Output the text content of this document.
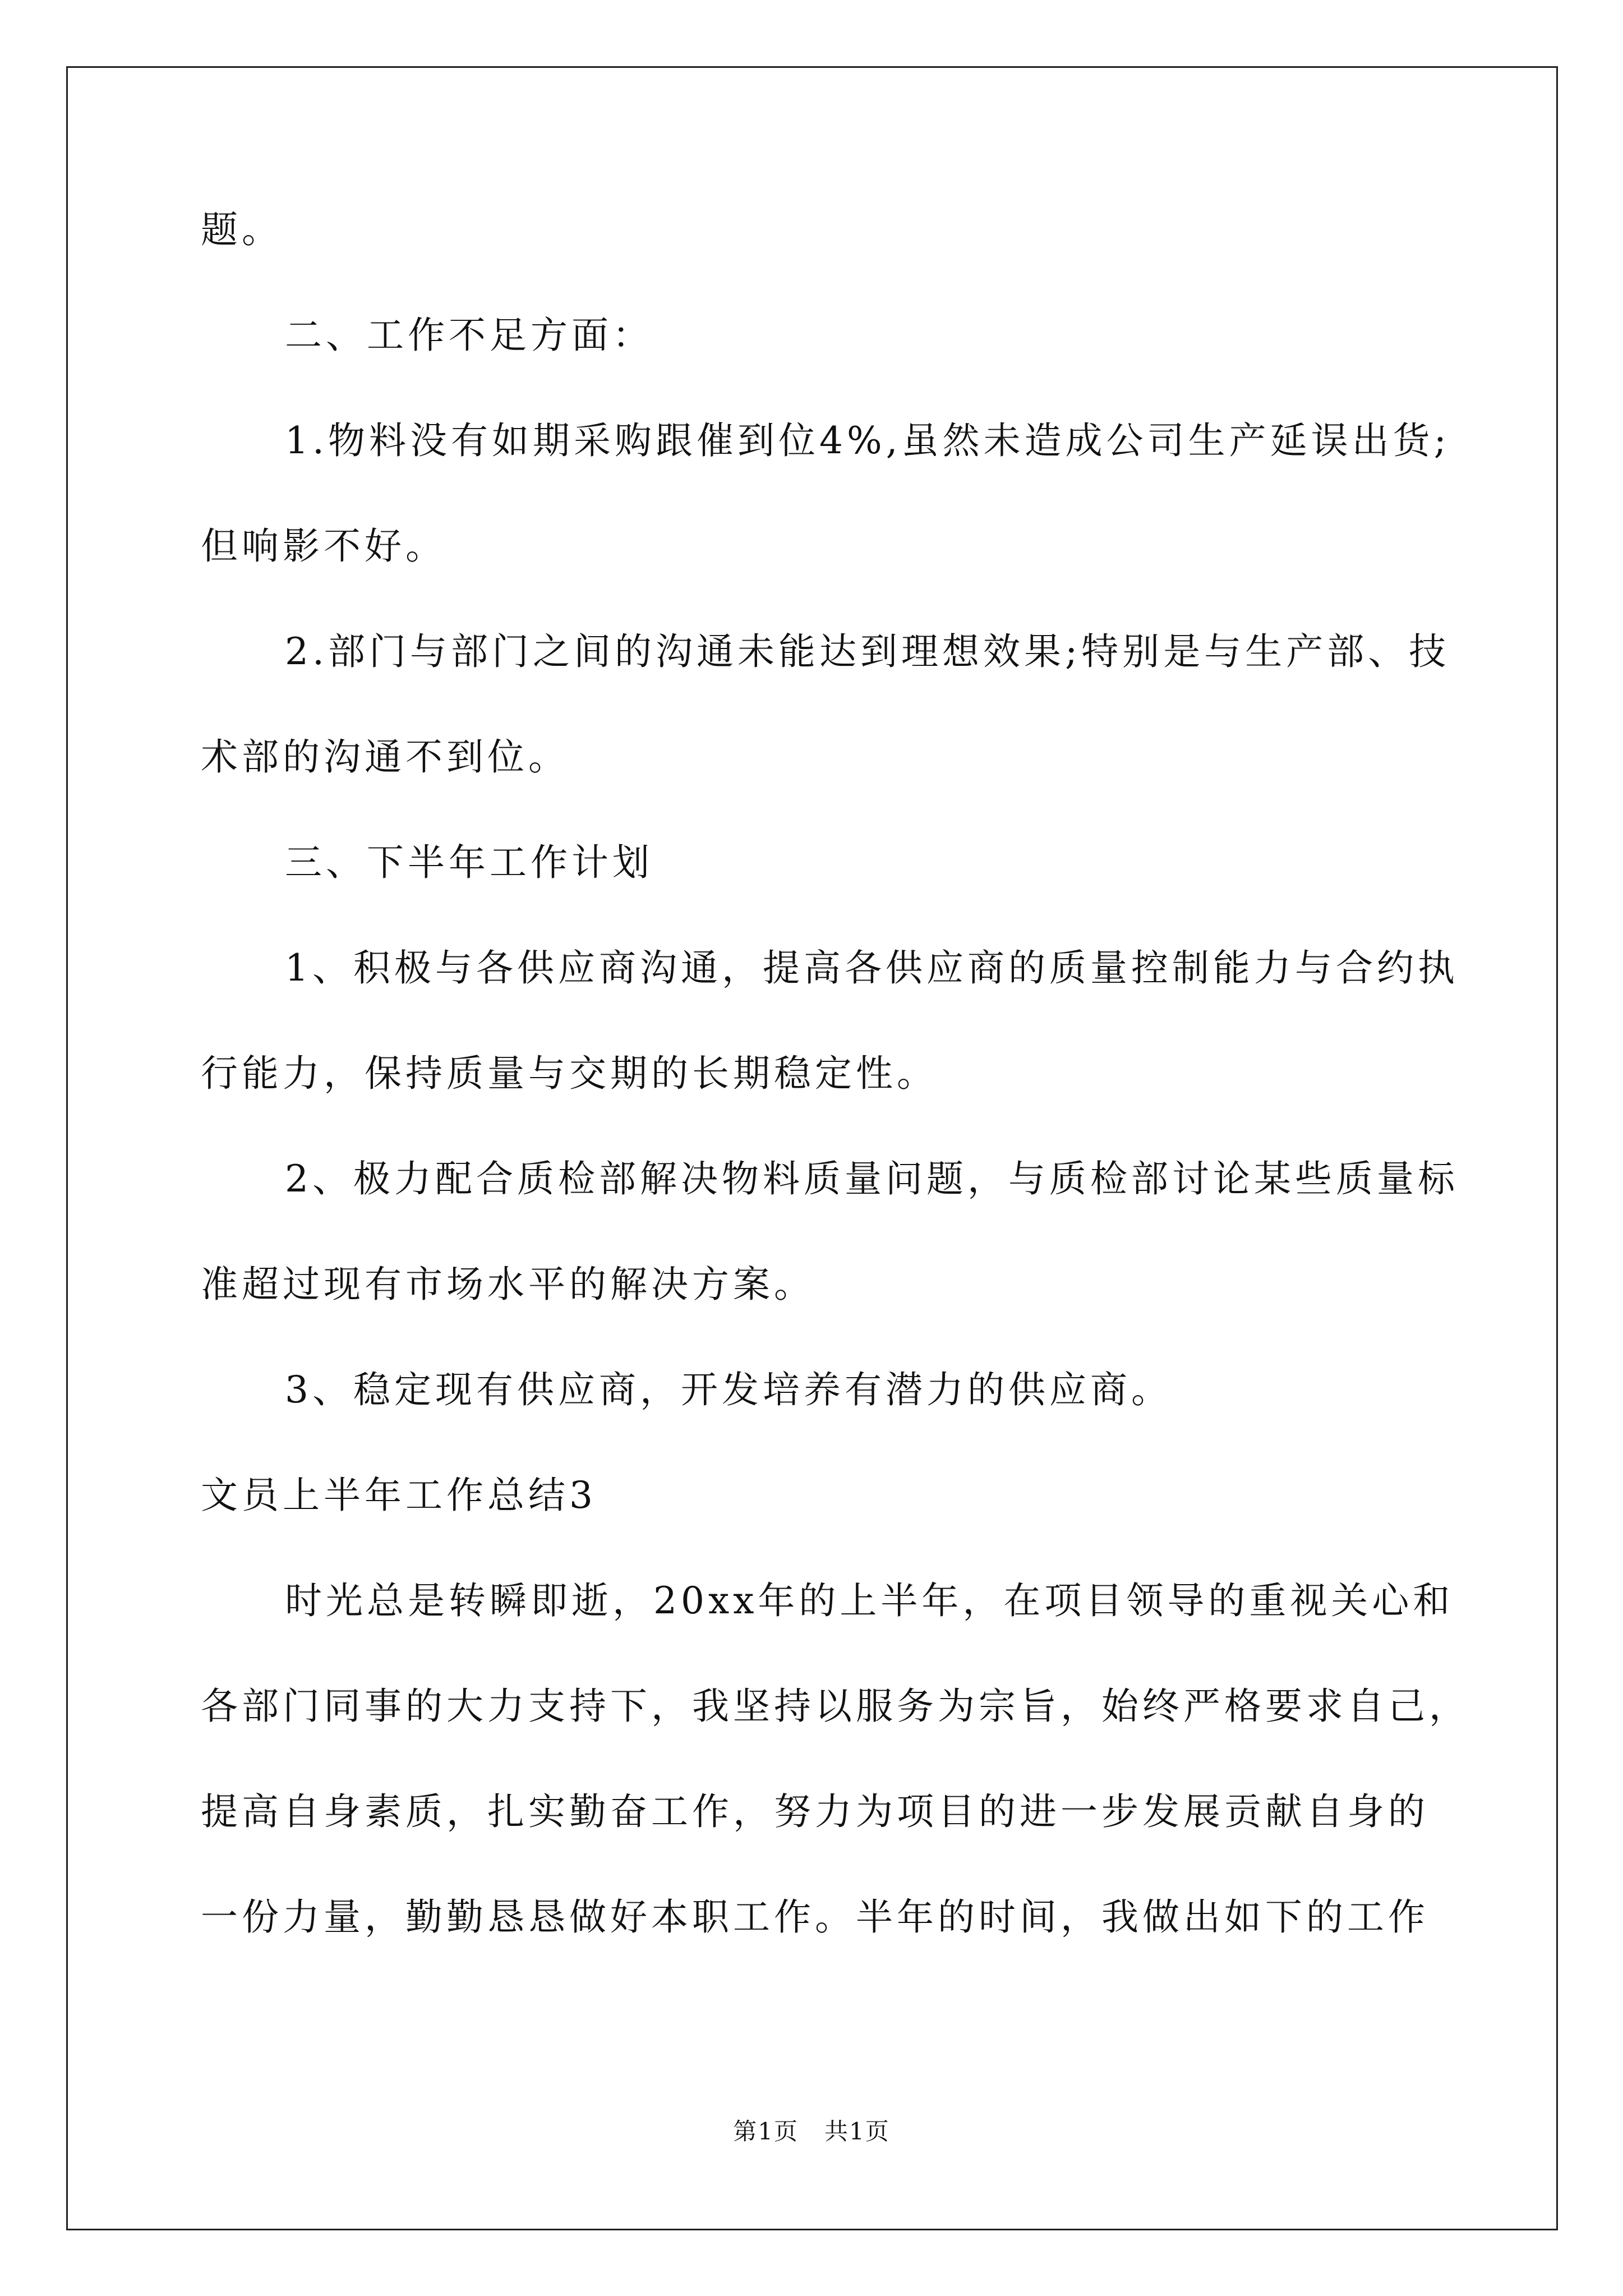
题。
二、工作不足方面：
1.物料没有如期采购跟催到位4%,虽然未造成公司生产延误出货;
但响影不好。
2.部门与部门之间的沟通未能达到理想效果;特别是与生产部、技
术部的沟通不到位。
三、下半年工作计划
1、积极与各供应商沟通，提高各供应商的质量控制能力与合约执
行能力，保持质量与交期的长期稳定性。
2、极力配合质检部解决物料质量问题，与质检部讨论某些质量标
准超过现有市场水平的解决方案。
3、稳定现有供应商，开发培养有潜力的供应商。
文员上半年工作总结3
时光总是转瞬即逝，20xx年的上半年，在项目领导的重视关心和
各部门同事的大力支持下，我坚持以服务为宗旨，始终严格要求自己，
提高自身素质，扎实勤奋工作，努力为项目的进一步发展贡献自身的
一份力量，勤勤恳恳做好本职工作。半年的时间，我做出如下的工作
第1页 共1页
